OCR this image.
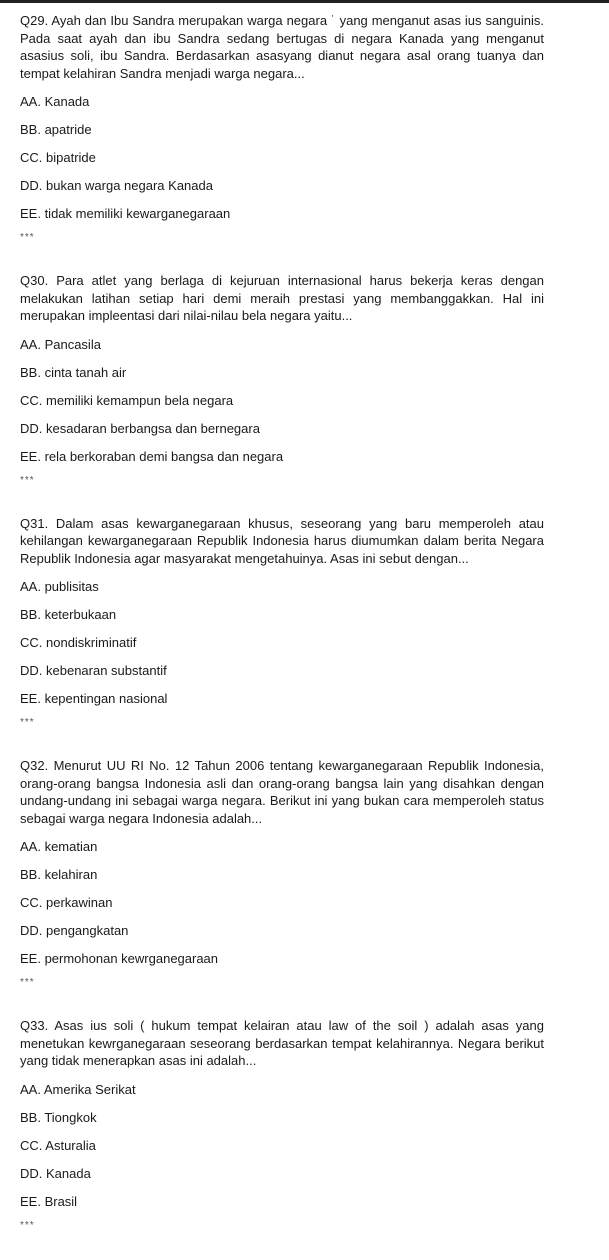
Q29. Ayah dan Ibu Sandra merupakan warga negara ˙ yang menganut asas ius sanguinis. Pada saat ayah dan ibu Sandra sedang bertugas di negara Kanada yang menganut asasius soli, ibu Sandra. Berdasarkan asasyang dianut negara asal orang tuanya dan tempat kelahiran Sandra menjadi warga negara...

AA. Kanada
BB. apatride
CC. bipatride
DD. bukan warga negara Kanada
EE. tidak memiliki kewarganegaraan
***

Q30. Para atlet yang berlaga di kejuruan internasional harus bekerja keras dengan melakukan latihan setiap hari demi meraih prestasi yang membanggakkan. Hal ini merupakan impleentasi dari nilai-nilau bela negara yaitu...

AA. Pancasila
BB. cinta tanah air
CC. memiliki kemampun bela negara
DD. kesadaran berbangsa dan bernegara
EE. rela berkoraban demi bangsa dan negara
***

Q31. Dalam asas kewarganegaraan khusus, seseorang yang baru memperoleh atau kehilangan kewarganegaraan Republik Indonesia harus diumumkan dalam berita Negara Republik Indonesia agar masyarakat mengetahuinya. Asas ini sebut dengan...

AA. publisitas
BB. keterbukaan
CC. nondiskriminatif
DD. kebenaran substantif
EE. kepentingan nasional
***

Q32. Menurut UU RI No. 12 Tahun 2006 tentang kewarganegaraan Republik Indonesia, orang-orang bangsa Indonesia asli dan orang-orang bangsa lain yang disahkan dengan undang-undang ini sebagai warga negara. Berikut ini yang bukan cara memperoleh status sebagai warga negara Indonesia adalah...

AA. kematian
BB. kelahiran
CC. perkawinan
DD. pengangkatan
EE. permohonan kewrganegaraan
***

Q33. Asas ius soli ( hukum tempat kelairan atau law of the soil ) adalah asas yang menetukan kewrganegaraan seseorang berdasarkan tempat kelahirannya. Negara berikut yang tidak menerapkan asas ini adalah...

AA. Amerika Serikat
BB. Tiongkok
CC. Asturalia
DD. Kanada
EE. Brasil
***
